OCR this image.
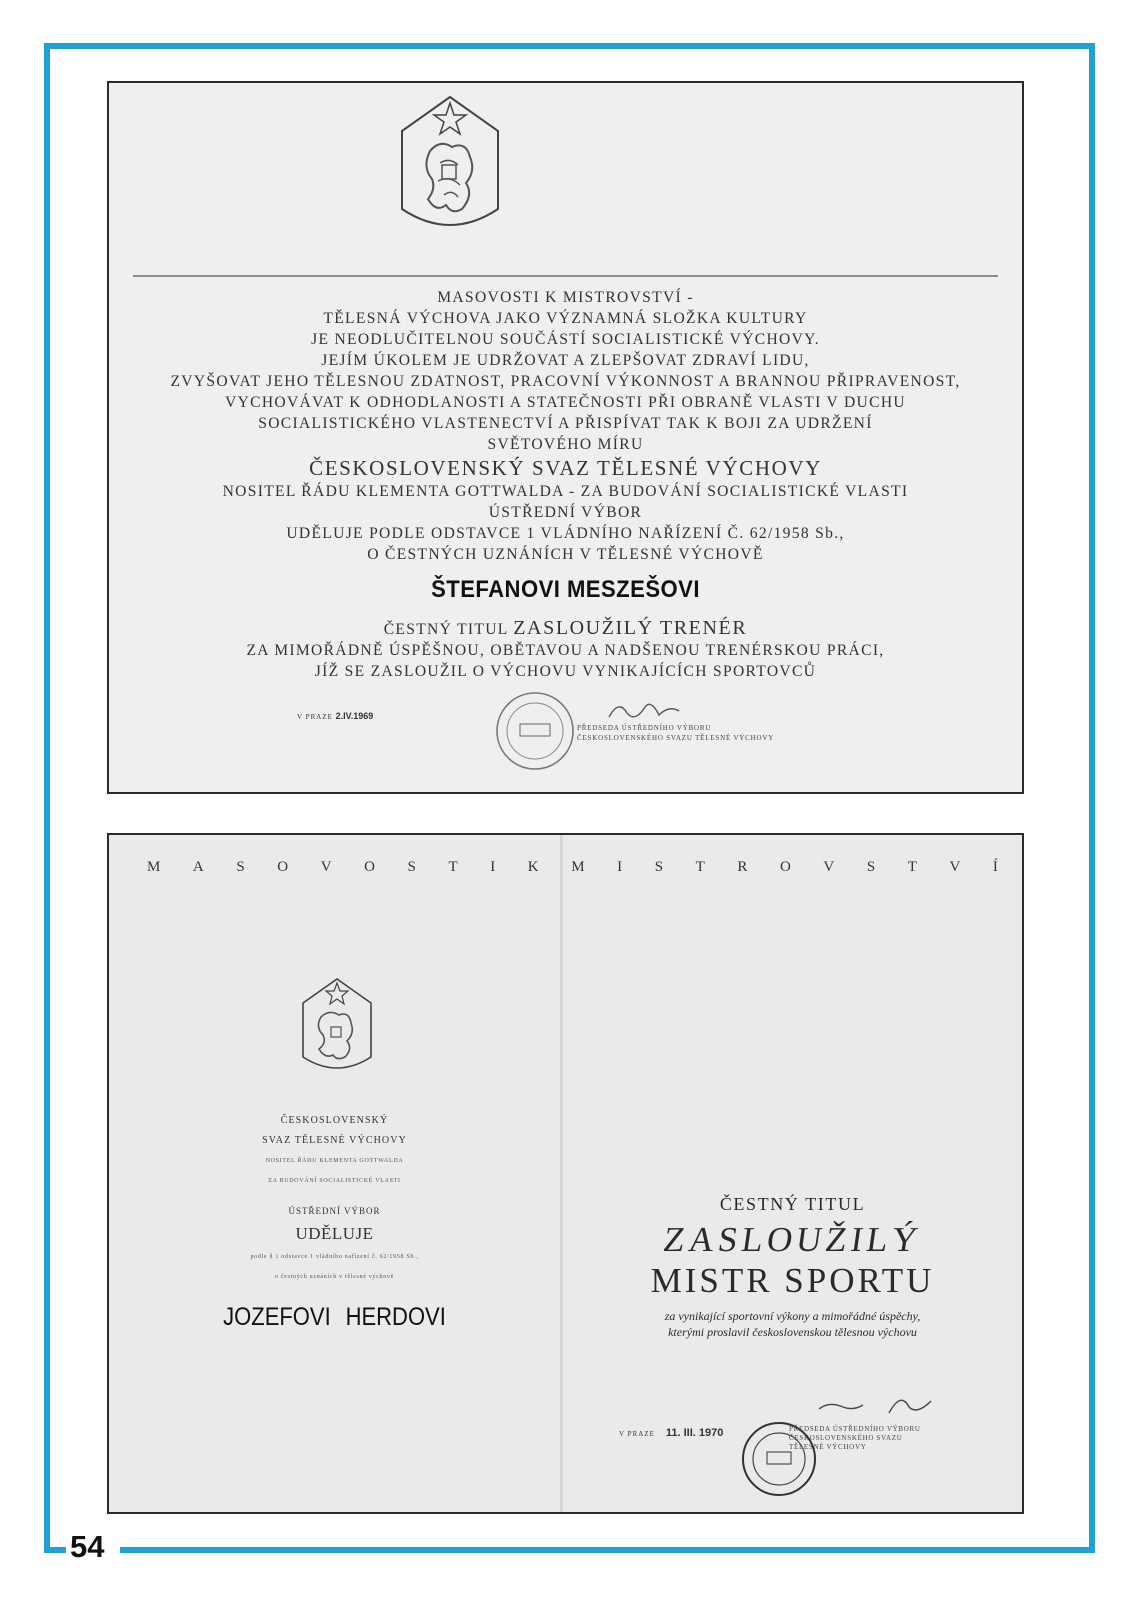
54
MASOVOSTI K MISTROVSTVÍ -
TĚLESNÁ VÝCHOVA JAKO VÝZNAMNÁ SLOŽKA KULTURY
JE NEODLUČITELNOU SOUČÁSTÍ SOCIALISTICKÉ VÝCHOVY.
JEJÍM ÚKOLEM JE UDRŽOVAT A ZLEPŠOVAT ZDRAVÍ LIDU,
ZVYŠOVAT JEHO TĚLESNOU ZDATNOST, PRACOVNÍ VÝKONNOST A BRANNOU PŘIPRAVENOST,
VYCHOVÁVAT K ODHODLANOSTI A STATEČNOSTI PŘI OBRANĚ VLASTI V DUCHU
SOCIALISTICKÉHO VLASTENECTVÍ A PŘISPÍVAT TAK K BOJI ZA UDRŽENÍ
SVĚTOVÉHO MÍRU
ČESKOSLOVENSKÝ SVAZ TĚLESNÉ VÝCHOVY
NOSITEL ŘÁDU KLEMENTA GOTTWALDA - ZA BUDOVÁNÍ SOCIALISTICKÉ VLASTI
ÚSTŘEDNÍ VÝBOR
UDĚLUJE PODLE ODSTAVCE 1 VLÁDNÍHO NAŘÍZENÍ Č. 62/1958 Sb.,
O ČESTNÝCH UZNÁNÍCH V TĚLESNÉ VÝCHOVĚ
ŠTEFANOVI MESZEŠOVI
ČESTNÝ TITUL ZASLOUŽILÝ TRENÉR
ZA MIMOŘÁDNĚ ÚSPĚŠNOU, OBĚTAVOU A NADŠENOU TRENÉRSKOU PRÁCI,
JÍŽ SE ZASLOUŽIL O VÝCHOVU VYNIKAJÍCÍCH SPORTOVCŮ
V PRAZE 2.IV.1969
PŘEDSEDA ÚSTŘEDNÍHO VÝBORU
ČESKOSLOVENSKÉHO SVAZU TĚLESNÉ VÝCHOVY
M A S O V O S T I K M I S T R O V S T V Í
ČESKOSLOVENSKÝ
SVAZ TĚLESNÉ VÝCHOVY
NOSITEL ŘÁDU KLEMENTA GOTTWALDA
ZA BUDOVÁNÍ SOCIALISTICKÉ VLASTI
ÚSTŘEDNÍ VÝBOR
UDĚLUJE
podle § 1 odstavce 1 vládního nařízení č. 62/1958 Sb.,
o čestných uznáních v tělesné výchově
JOZEFOVI HERDOVI
ČESTNÝ TITUL
ZASLOUŽILÝ
MISTR SPORTU
za vynikající sportovní výkony a mimořádné úspěchy,
kterými proslavil československou tělesnou výchovu
V PRAZE 11. III. 1970	PŘEDSEDA ÚSTŘEDNÍHO VÝBORU
ČESKOSLOVENSKÉHO SVAZU
TĚLESNÉ VÝCHOVY
